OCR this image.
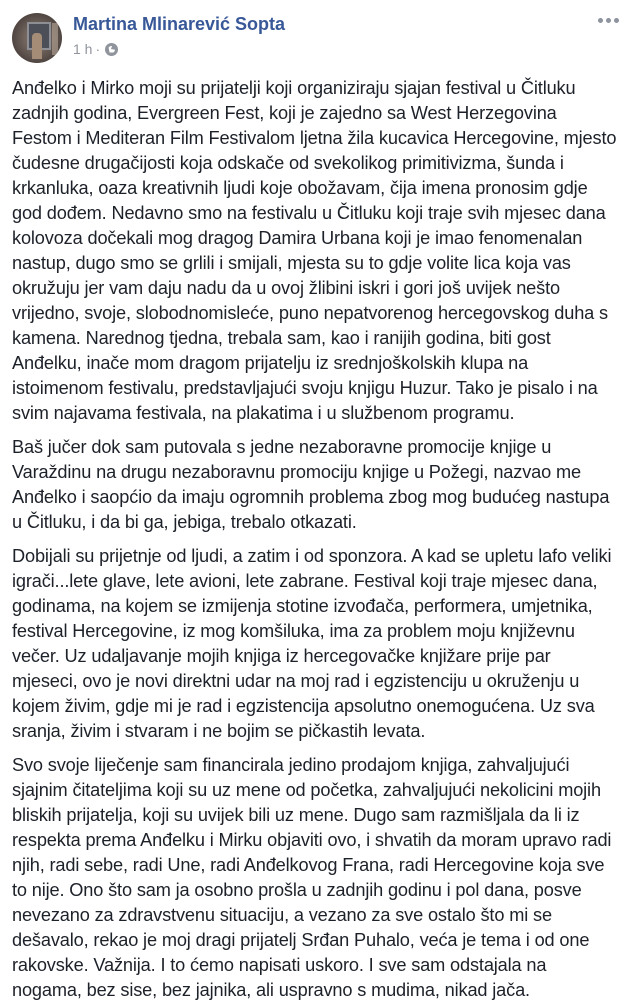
Martina Mlinarević Sopta
1 h ·

Anđelko i Mirko moji su prijatelji koji organiziraju sjajan festival u Čitluku zadnjih godina, Evergreen Fest, koji je zajedno sa West Herzegovina Festom i Mediteran Film Festivalom ljetna žila kucavica Hercegovine, mjesto čudesne drugačijosti koja odskače od svekolikog primitivizma, šunda i krkanluka, oaza kreativnih ljudi koje obožavam, čija imena pronosim gdje god dođem. Nedavno smo na festivalu u Čitluku koji traje svih mjesec dana kolovoza dočekali mog dragog Damira Urbana koji je imao fenomenalan nastup, dugo smo se grlili i smijali, mjesta su to gdje volite lica koja vas okružuju jer vam daju nadu da u ovoj žlibini iskri i gori još uvijek nešto vrijedno, svoje, slobodnomisleće, puno nepatvorenog hercegovskog duha s kamena. Narednog tjedna, trebala sam, kao i ranijih godina, biti gost Anđelku, inače mom dragom prijatelju iz srednjoškolskih klupa na istoimenom festivalu, predstavljajući svoju knjigu Huzur. Tako je pisalo i na svim najavama festivala, na plakatima i u službenom programu.

Baš jučer dok sam putovala s jedne nezaboravne promocije knjige u Varaždinu na drugu nezaboravnu promociju knjige u Požegi, nazvao me Anđelko i saopćio da imaju ogromnih problema zbog mog budućeg nastupa u Čitluku, i da bi ga, jebiga, trebalo otkazati.

Dobijali su prijetnje od ljudi, a zatim i od sponzora. A kad se upletu lafo veliki igrači...lete glave, lete avioni, lete zabrane. Festival koji traje mjesec dana, godinama, na kojem se izmijenja stotine izvođača, performera, umjetnika, festival Hercegovine, iz mog komšiluka, ima za problem moju književnu večer. Uz udaljavanje mojih knjiga iz hercegovačke knjižare prije par mjeseci, ovo je novi direktni udar na moj rad i egzistenciju u okruženju u kojem živim, gdje mi je rad i egzistencija apsolutno onemogućena. Uz sva sranja, živim i stvaram i ne bojim se pičkastih levata.

Svo svoje liječenje sam financirala jedino prodajom knjiga, zahvaljujući sjajnim čitateljima koji su uz mene od početka, zahvaljujući nekolicini mojih bliskih prijatelja, koji su uvijek bili uz mene. Dugo sam razmišljala da li iz respekta prema Anđelku i Mirku objaviti ovo, i shvatih da moram upravo radi njih, radi sebe, radi Une, radi Anđelkovog Frana, radi Hercegovine koja sve to nije. Ono što sam ja osobno prošla u zadnjih godinu i pol dana, posve nevezano za zdravstvenu situaciju, a vezano za sve ostalo što mi se dešavalo, rekao je moj dragi prijatelj Srđan Puhalo, veća je tema i od one rakovske. Važnija. I to ćemo napisati uskoro. I sve sam odstajala na nogama, bez sise, bez jajnika, ali uspravno s mudima, nikad jača.
